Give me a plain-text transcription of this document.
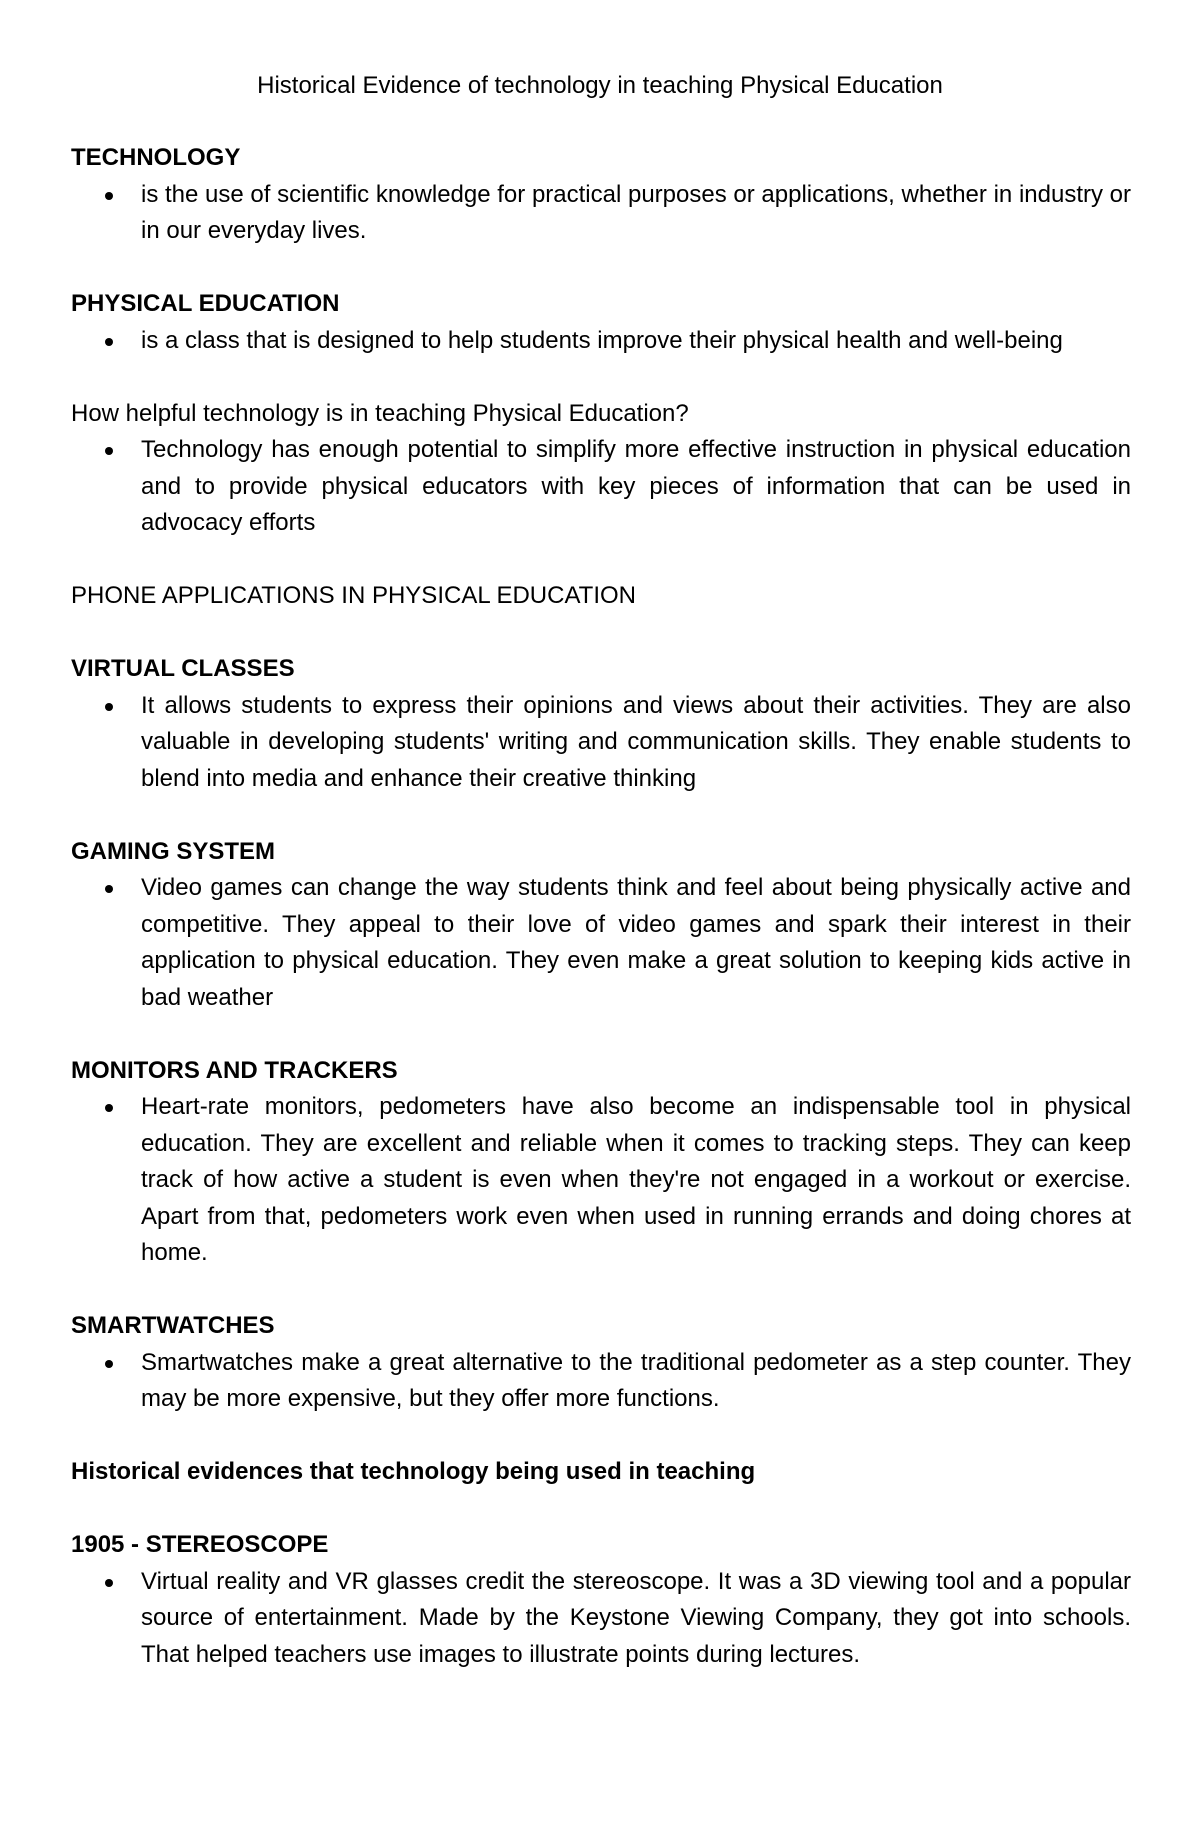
Historical Evidence of technology in teaching Physical Education

TECHNOLOGY

is the use of scientific knowledge for practical purposes or applications, whether in industry or in our everyday lives.

PHYSICAL EDUCATION

is a class that is designed to help students improve their physical health and well-being

How helpful technology is in teaching Physical Education?

Technology has enough potential to simplify more effective instruction in physical education and to provide physical educators with key pieces of information that can be used in advocacy efforts

PHONE APPLICATIONS IN PHYSICAL EDUCATION

VIRTUAL CLASSES

It allows students to express their opinions and views about their activities. They are also valuable in developing students' writing and communication skills. They enable students to blend into media and enhance their creative thinking

GAMING SYSTEM

Video games can change the way students think and feel about being physically active and competitive. They appeal to their love of video games and spark their interest in their application to physical education. They even make a great solution to keeping kids active in bad weather

MONITORS AND TRACKERS

Heart-rate monitors, pedometers have also become an indispensable tool in physical education. They are excellent and reliable when it comes to tracking steps. They can keep track of how active a student is even when they're not engaged in a workout or exercise. Apart from that, pedometers work even when used in running errands and doing chores at home.

SMARTWATCHES

Smartwatches make a great alternative to the traditional pedometer as a step counter. They may be more expensive, but they offer more functions.

Historical evidences that technology being used in teaching

1905 - STEREOSCOPE

Virtual reality and VR glasses credit the stereoscope. It was a 3D viewing tool and a popular source of entertainment. Made by the Keystone Viewing Company, they got into schools. That helped teachers use images to illustrate points during lectures.
